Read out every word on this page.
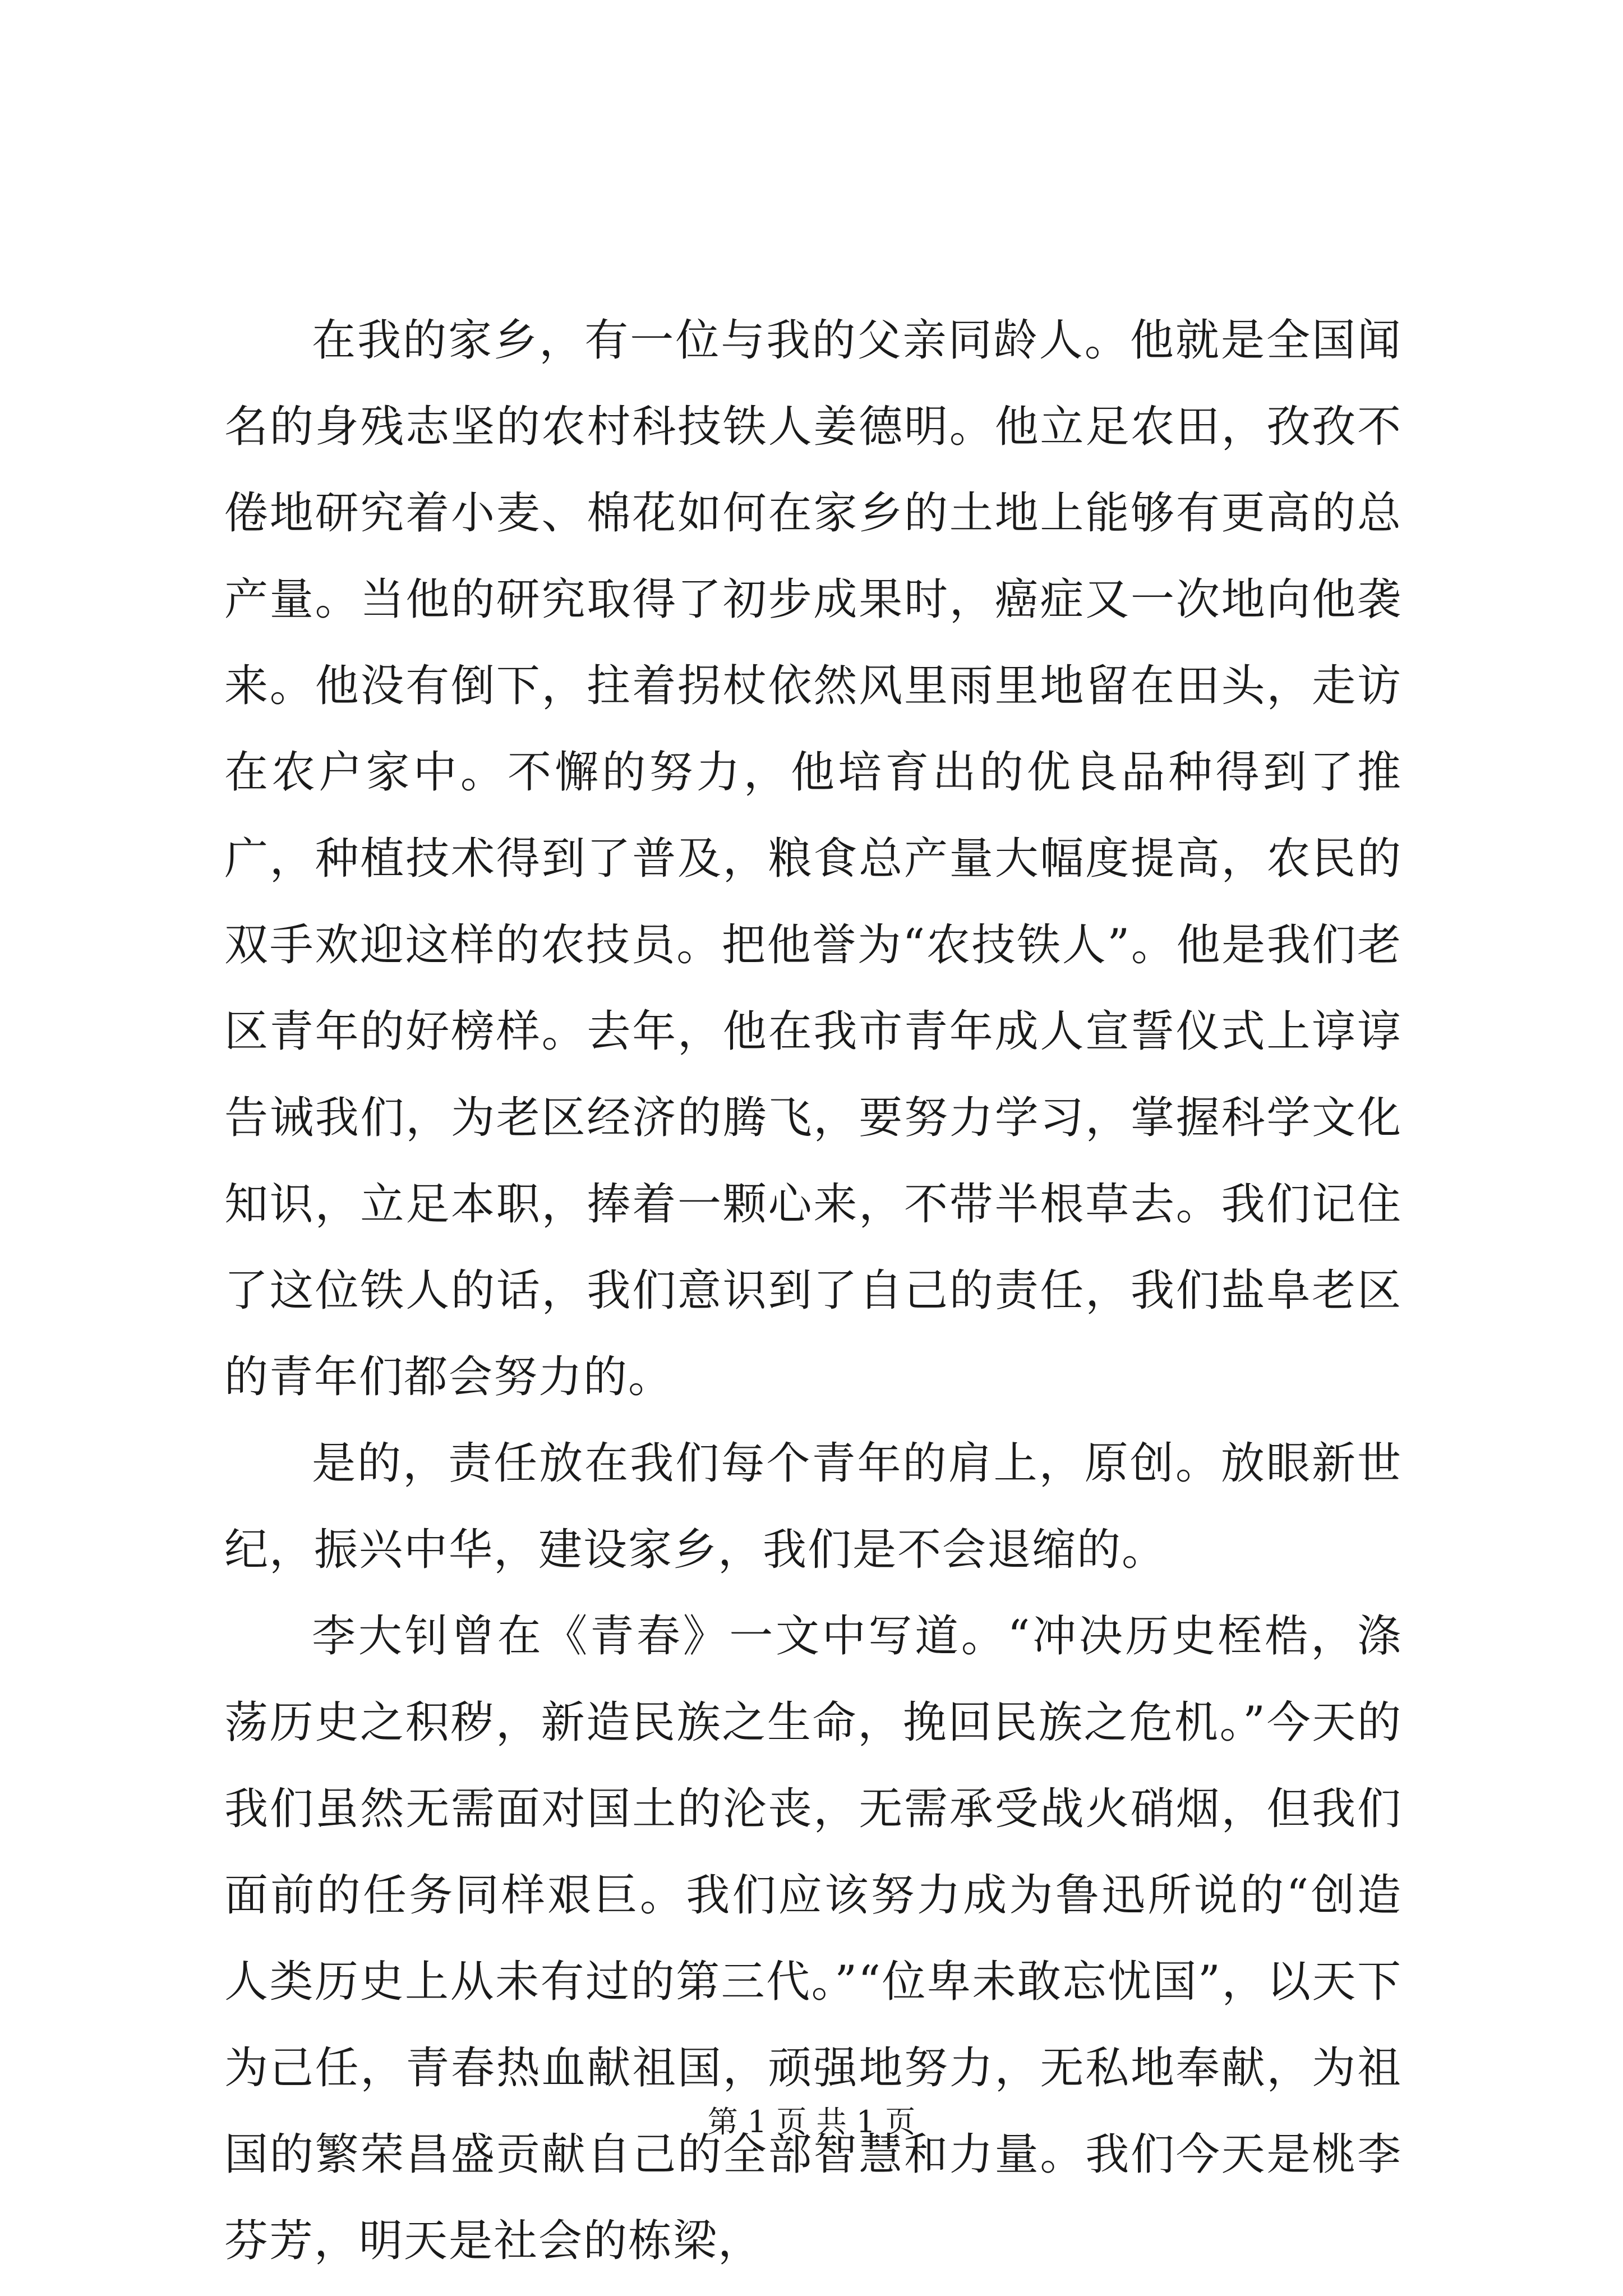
在我的家乡，有一位与我的父亲同龄人。他就是全国闻名的身残志坚的农村科技铁人姜德明。他立足农田，孜孜不倦地研究着小麦、棉花如何在家乡的土地上能够有更高的总产量。当他的研究取得了初步成果时，癌症又一次地向他袭来。他没有倒下，拄着拐杖依然风里雨里地留在田头，走访在农户家中。不懈的努力，他培育出的优良品种得到了推广，种植技术得到了普及，粮食总产量大幅度提高，农民的双手欢迎这样的农技员。把他誉为“农技铁人”。他是我们老区青年的好榜样。去年，他在我市青年成人宣誓仪式上谆谆告诫我们，为老区经济的腾飞，要努力学习，掌握科学文化知识，立足本职，捧着一颗心来，不带半根草去。我们记住了这位铁人的话，我们意识到了自己的责任，我们盐阜老区的青年们都会努力的。

是的，责任放在我们每个青年的肩上，原创。放眼新世纪，振兴中华，建设家乡，我们是不会退缩的。

李大钊曾在《青春》一文中写道。“冲决历史桎梏，涤荡历史之积秽，新造民族之生命，挽回民族之危机。”今天的我们虽然无需面对国土的沦丧，无需承受战火硝烟，但我们面前的任务同样艰巨。我们应该努力成为鲁迅所说的“创造人类历史上从未有过的第三代。”“位卑未敢忘忧国”，以天下为己任，青春热血献祖国，顽强地努力，无私地奉献，为祖国的繁荣昌盛贡献自己的全部智慧和力量。我们今天是桃李芬芳，明天是社会的栋梁，

第 1 页 共 1 页
